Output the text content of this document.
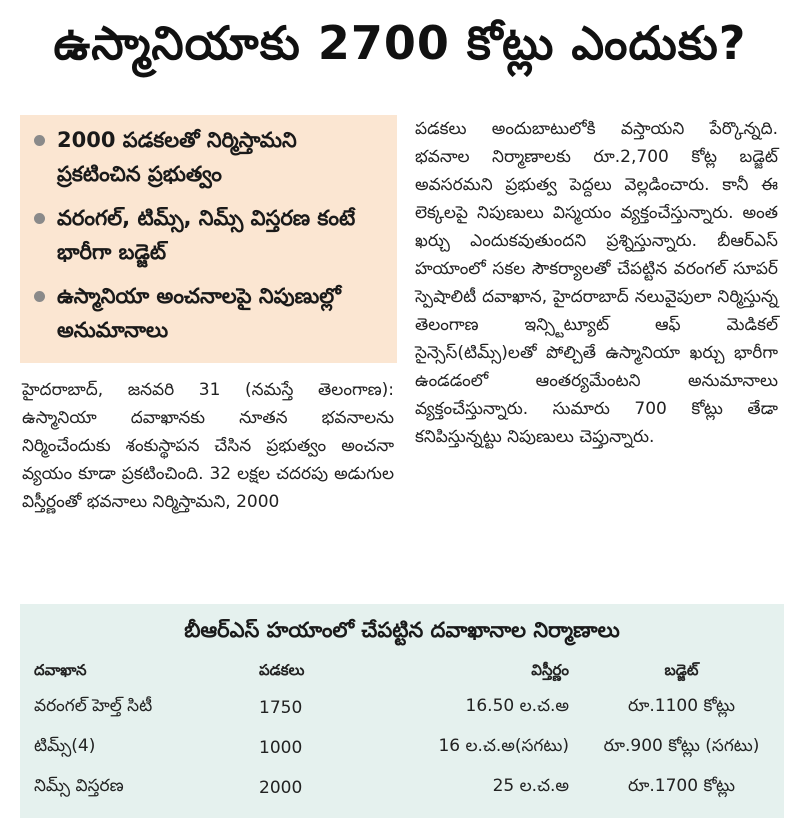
ఉస్మానియాకు 2700 కోట్లు ఎందుకు?
2000 పడకలతో నిర్మిస్తామని ప్రకటించిన ప్రభుత్వం
వరంగల్, టిమ్స్, నిమ్స్ విస్తరణ కంటే భారీగా బడ్జెట్
ఉస్మానియా అంచనాలపై నిపుణుల్లో అనుమానాలు

హైదరాబాద్, జనవరి 31 (నమస్తే తెలంగాణ): ఉస్మానియా దవాఖానకు నూతన భవనాలను నిర్మించేందుకు శంకుస్థాపన చేసిన ప్రభుత్వం అంచనా వ్యయం కూడా ప్రకటించింది. 32 లక్షల చదరపు అడుగుల విస్తీర్ణంతో భవనాలు నిర్మిస్తామని, 2000

పడకలు అందుబాటులోకి వస్తాయని పేర్కొన్నది. భవనాల నిర్మాణాలకు రూ.2,700 కోట్ల బడ్జెట్ అవసరమని ప్రభుత్వ పెద్దలు వెల్లడించారు. కానీ ఈ లెక్కలపై నిపుణులు విస్మయం వ్యక్తంచేస్తున్నారు. అంత ఖర్చు ఎందుకవుతుందని ప్రశ్నిస్తున్నారు. బీఆర్ఎస్ హయాంలో సకల సౌకర్యాలతో చేపట్టిన వరంగల్ సూపర్ స్పెషాలిటీ దవాఖాన, హైదరాబాద్ నలువైపులా నిర్మిస్తున్న తెలంగాణ ఇన్స్టిట్యూట్ ఆఫ్ మెడికల్ సైన్సెస్(టిమ్స్)లతో పోల్చితే ఉస్మానియా ఖర్చు భారీగా ఉండడంలో ఆంతర్యమేంటని అనుమానాలు వ్యక్తంచేస్తున్నారు. సుమారు 700 కోట్లు తేడా కనిపిస్తున్నట్టు నిపుణులు చెప్తున్నారు.

బీఆర్ఎస్ హయాంలో చేపట్టిన దవాఖానాల నిర్మాణాలు
దవాఖాన	పడకలు	విస్తీర్ణం	బడ్జెట్
వరంగల్ హెల్త్ సిటీ	1750	16.50 ల.చ.అ	రూ.1100 కోట్లు
టిమ్స్(4)	1000	16 ల.చ.అ(సగటు)	రూ.900 కోట్లు (సగటు)
నిమ్స్ విస్తరణ	2000	25 ల.చ.అ	రూ.1700 కోట్లు
